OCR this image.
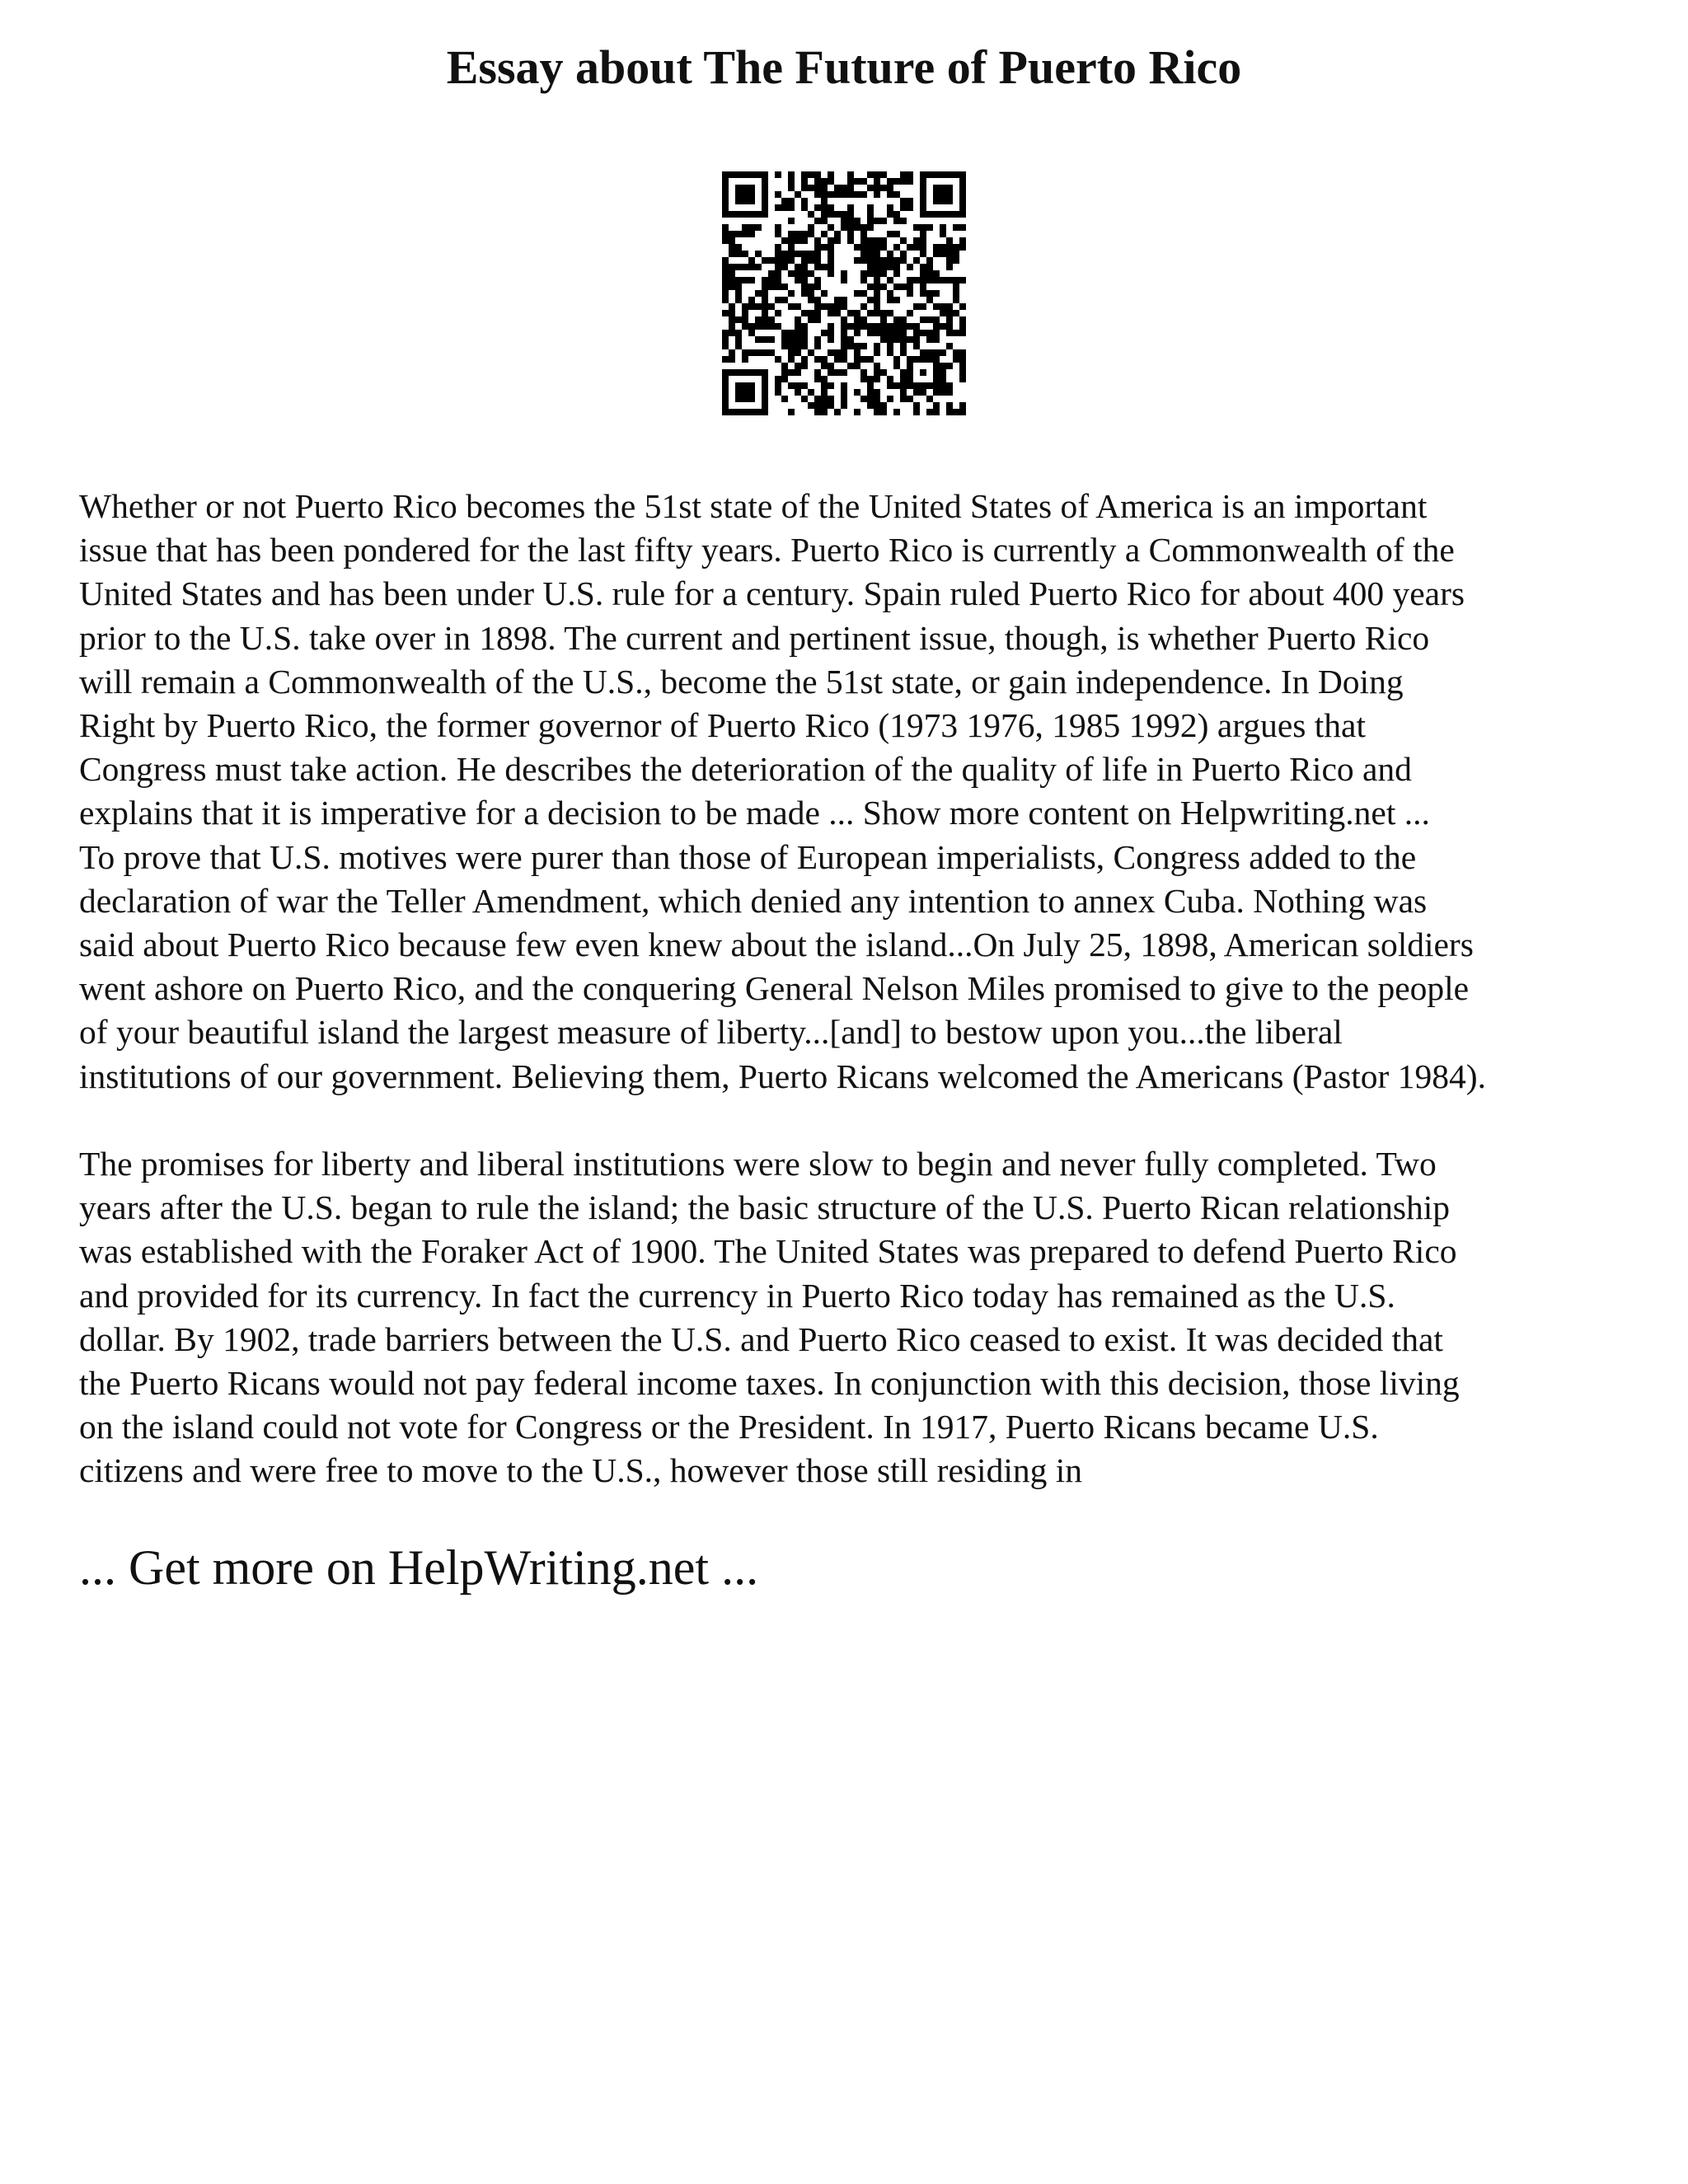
Essay about The Future of Puerto Rico
Whether or not Puerto Rico becomes the 51st state of the United States of America is an important
issue that has been pondered for the last fifty years. Puerto Rico is currently a Commonwealth of the
United States and has been under U.S. rule for a century. Spain ruled Puerto Rico for about 400 years
prior to the U.S. take over in 1898. The current and pertinent issue, though, is whether Puerto Rico
will remain a Commonwealth of the U.S., become the 51st state, or gain independence. In Doing
Right by Puerto Rico, the former governor of Puerto Rico (1973 1976, 1985 1992) argues that
Congress must take action. He describes the deterioration of the quality of life in Puerto Rico and
explains that it is imperative for a decision to be made ... Show more content on Helpwriting.net ...
To prove that U.S. motives were purer than those of European imperialists, Congress added to the
declaration of war the Teller Amendment, which denied any intention to annex Cuba. Nothing was
said about Puerto Rico because few even knew about the island...On July 25, 1898, American soldiers
went ashore on Puerto Rico, and the conquering General Nelson Miles promised to give to the people
of your beautiful island the largest measure of liberty...[and] to bestow upon you...the liberal
institutions of our government. Believing them, Puerto Ricans welcomed the Americans (Pastor 1984).
The promises for liberty and liberal institutions were slow to begin and never fully completed. Two
years after the U.S. began to rule the island; the basic structure of the U.S. Puerto Rican relationship
was established with the Foraker Act of 1900. The United States was prepared to defend Puerto Rico
and provided for its currency. In fact the currency in Puerto Rico today has remained as the U.S.
dollar. By 1902, trade barriers between the U.S. and Puerto Rico ceased to exist. It was decided that
the Puerto Ricans would not pay federal income taxes. In conjunction with this decision, those living
on the island could not vote for Congress or the President. In 1917, Puerto Ricans became U.S.
citizens and were free to move to the U.S., however those still residing in

... Get more on HelpWriting.net ...
